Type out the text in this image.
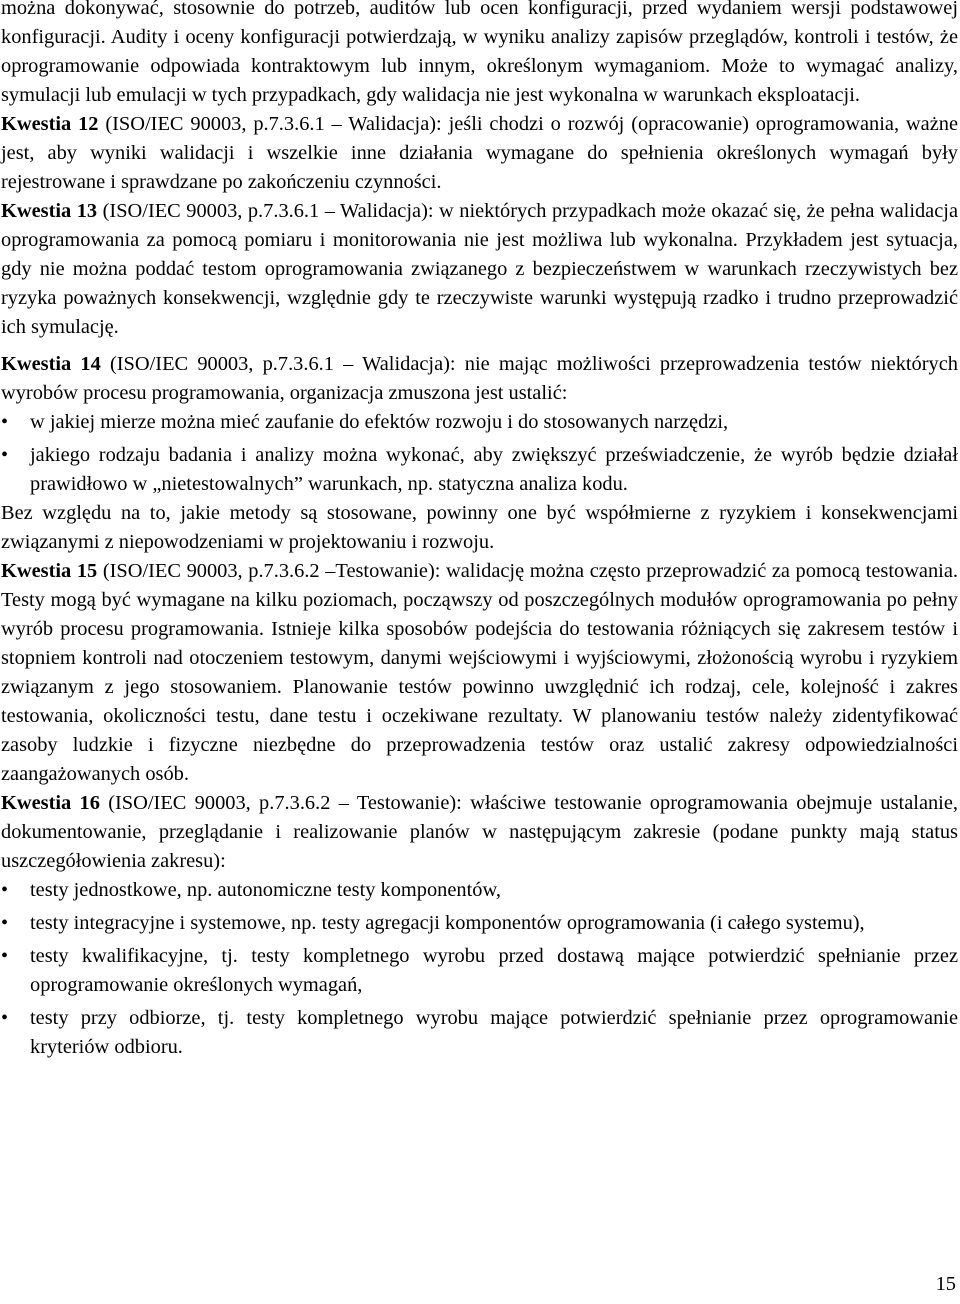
można dokonywać, stosownie do potrzeb, auditów lub ocen konfiguracji, przed wydaniem wersji podstawowej konfiguracji. Audity i oceny konfiguracji potwierdzają, w wyniku analizy zapisów przeglądów, kontroli i testów, że oprogramowanie odpowiada kontraktowym lub innym, określonym wymaganiom. Może to wymagać analizy, symulacji lub emulacji w tych przypadkach, gdy walidacja nie jest wykonalna w warunkach eksploatacji.

Kwestia 12 (ISO/IEC 90003, p.7.3.6.1 – Walidacja): jeśli chodzi o rozwój (opracowanie) oprogramowania, ważne jest, aby wyniki walidacji i wszelkie inne działania wymagane do spełnienia określonych wymagań były rejestrowane i sprawdzane po zakończeniu czynności.

Kwestia 13 (ISO/IEC 90003, p.7.3.6.1 – Walidacja): w niektórych przypadkach może okazać się, że pełna walidacja oprogramowania za pomocą pomiaru i monitorowania nie jest możliwa lub wykonalna. Przykładem jest sytuacja, gdy nie można poddać testom oprogramowania związanego z bezpieczeństwem w warunkach rzeczywistych bez ryzyka poważnych konsekwencji, względnie gdy te rzeczywiste warunki występują rzadko i trudno przeprowadzić ich symulację.

Kwestia 14 (ISO/IEC 90003, p.7.3.6.1 – Walidacja): nie mając możliwości przeprowadzenia testów niektórych wyrobów procesu programowania, organizacja zmuszona jest ustalić:

•	w jakiej mierze można mieć zaufanie do efektów rozwoju i do stosowanych narzędzi,
•	jakiego rodzaju badania i analizy można wykonać, aby zwiększyć przeświadczenie, że wyrób będzie działał prawidłowo w „nietestowalnych” warunkach, np. statyczna analiza kodu.

Bez względu na to, jakie metody są stosowane, powinny one być współmierne z ryzykiem i konsekwencjami związanymi z niepowodzeniami w projektowaniu i rozwoju.

Kwestia 15 (ISO/IEC 90003, p.7.3.6.2 –Testowanie): walidację można często przeprowadzić za pomocą testowania. Testy mogą być wymagane na kilku poziomach, począwszy od poszczególnych modułów oprogramowania po pełny wyrób procesu programowania. Istnieje kilka sposobów podejścia do testowania różniących się zakresem testów i stopniem kontroli nad otoczeniem testowym, danymi wejściowymi i wyjściowymi, złożonością wyrobu i ryzykiem związanym z jego stosowaniem. Planowanie testów powinno uwzględnić ich rodzaj, cele, kolejność i zakres testowania, okoliczności testu, dane testu i oczekiwane rezultaty. W planowaniu testów należy zidentyfikować zasoby ludzkie i fizyczne niezbędne do przeprowadzenia testów oraz ustalić zakresy odpowiedzialności zaangażowanych osób.

Kwestia 16 (ISO/IEC 90003, p.7.3.6.2 – Testowanie): właściwe testowanie oprogramowania obejmuje ustalanie, dokumentowanie, przeglądanie i realizowanie planów w następującym zakresie (podane punkty mają status uszczegółowienia zakresu):

•	testy jednostkowe, np. autonomiczne testy komponentów,
•	testy integracyjne i systemowe, np. testy agregacji komponentów oprogramowania (i całego systemu),
•	testy kwalifikacyjne, tj. testy kompletnego wyrobu przed dostawą mające potwierdzić spełnianie przez oprogramowanie określonych wymagań,
•	testy przy odbiorze, tj. testy kompletnego wyrobu mające potwierdzić spełnianie przez oprogramowanie kryteriów odbioru.
15
